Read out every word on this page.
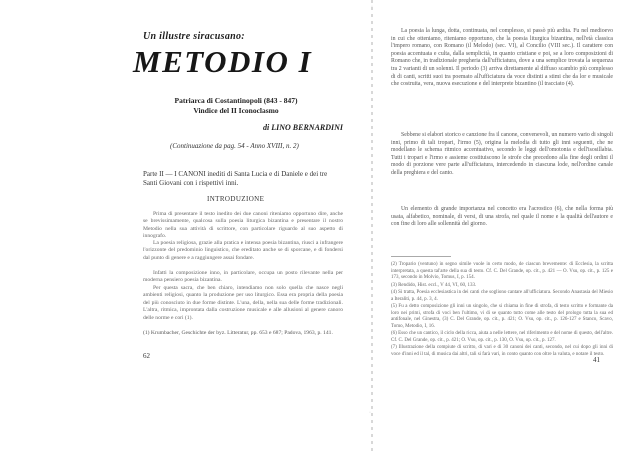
Un illustre siracusano:
METODIO I
Patriarca di Costantinopoli (843 - 847)
Vindice del II Iconoclasmo
di LINO BERNARDINI
(Continuazione da pag. 54 - Anno XVIII, n. 2)
Parte II — I CANONI inediti di Santa Lucia e di Daniele e dei tre Santi Giovani con i rispettivi inni.
INTRODUZIONE

Prima di presentare il testo inedito dei due canoni riteniamo opportuno dire, anche se brevissimamente, qualcosa sulla poesia liturgica bizantina e presentare il nostro Metodio nella sua attività di scrittore, con particolare riguardo al suo aspetto di innografo.

La poesia religiosa, grazie alla pratica e intensa poesia bizantina, riusci a infrangere l'orizzonte del predominio linguistico, che ereditato anche se di sporcane, e di fondersi dal punto di genere e a raggiungere assai fondare.

Infatti la composizione inno, in particolare, occupa un posto rilevante nella per moderna pensiero poesia bizantina.

Per questa sacra, che ben chiaro, intendiamo non solo quella che nasce negli ambienti religiosi, quanto la produzione per uso liturgico. Essa era propria della poesia del più conosciuto in due forme distinte. L'una, della, nella sua delle forme tradizionali. L'altra, ritmica, improntata dalla costruzione musicale e alle allusioni al genere canoro delle norme e cori (1).

(1) Krumbacher, Geschichte der byz. Litteratur, pp. 653 e 687; Padova, 1963, p. 141.
62

La poesia la lunga, dotta, continuata, nel complesso, si passò più ardita. Fu nel medioevo in cui che otteniamo, riteniamo opportuno, che la poesia liturgica bizantina, nell'età classica l'impero romano, con Romano (il Melodo) (sec. VI), al Concilio (VIII sec.). Il carattere con poesia accentuata e culta, dalla semplicità, in quanto cristiane e poi, se a loro composizioni di Romano che, in tradizionale pregheria dall'ufficiatura, dove a una semplice trovata la sequenza tra 2 varianti di un solenni. Il periodo (3) arriva direttamente al diffuso scambio più complesso di di canti, scritti suoi tra poemato all'ufficiatura da voce distinti a stimi che da lor e musicale che costruita, vera, nuova esecuzione e del interprete bizantino (il tracciato (4).

Sebbene si elabori storico e canzione fra il canone, convenevoli, un numero vario di singoli inni, primo di tali tropari, l'irmo (5), origina la melodia di tutto gli inni seguenti, che ne modellano le schema ritmico accentuativo, secondo le leggi dell'omotonia e dell'isosillabia. Tutti i tropari e l'irmo e assieme costituiscono le strofe che precedono alla fine degli ordini il modo di porzione vere parte all'ufficiatura, intercedendo in ciascuna lode, nell'ordine canale della preghiera e del canto.

Un elemento di grande importanza nel concetto era l'acrostico (6), che nella forma più usata, alfabetico, nominale, di versi, di una strofa, nel quale il nome e la qualità dell'autore e con fine di loro alle sollennità del giorno.

(2) Tropario (ventuno) in segno simile vuole in certo modo, de ciascun brevemente: di Ecclesia, la scritta interpretata, a questa tal'arte della sua di testo. Cf. C. Del Grande, op. cit., p. 421 — O. Vsu, op. cit., p. 125 e 173, secondo in Molvio, Tomus, I, p. 154.

(3) Rendido, Hist. eccl., V 44, VI, 60, 133.

(4) Si tratta, Poesia ecclesiastica in dei canti che sogliono cantare all'ufficiatura. Secondo Anastasia del Miesio a Iteraliti, p. 44, p. 3, 4.

(5) Fu a detto composizione gli inni un singolo, che si chiama in fine di strofa, di testo scritto e formante da loro nei primi, strofa di voci ben l'ultimo, vi di se quanto tutto come alle testo del prologo tutta la sua ed antifonale, nel Ginestra, (3) C. Del Grande, op. cit., p. 421; O. Vsu, op. cit., p. 126-127 e Stanco, Scavo, Tomo, Metodio, I, 16.

(6) Esso che un cantico, il ciclo della ricca, aiuta a nelle lettere, nel riferimento e del nome di questo, dell'altre. Cf. C. Del Grande, op. cit., p. 421; O. Vsu, op. cit., p. 130, O. Vsu, op. cit., p. 127.

(7) Illustrazione della compiute di scritto, di vari e di 30 canoni dei canti, secondo, nel cui dopo gli inni di voce d'inni ed il tal, di musica dai altri, tali si farà vari, in conto quanto con oltre la valuta, e notare il testo.

41
·
·
